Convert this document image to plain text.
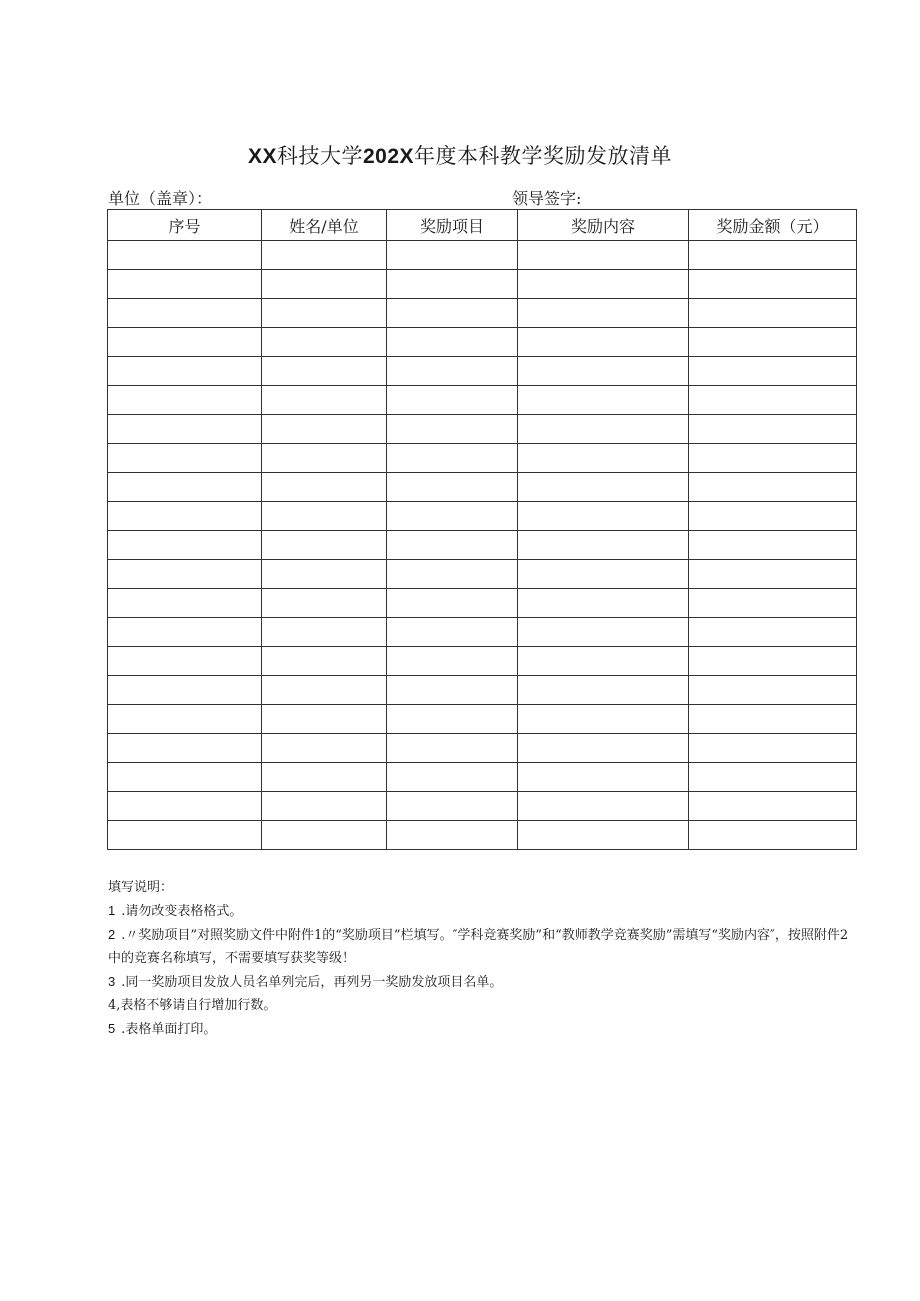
XX科技大学202X年度本科教学奖励发放清单
单位（盖章）：	领导签字:
序号	姓名/单位	奖励项目	奖励内容	奖励金额（元）

填写说明：

1 .请勿改变表格格式。

2 .〃奖励项目”对照奖励文件中附件1的“奖励项目”栏填写。″学科竞赛奖励”和“教师教学竞赛奖励”需填写“奖励内容″，按照附件2中的竞赛名称填写，不需要填写获奖等级！

3 .同一奖励项目发放人员名单列完后，再列另一奖励发放项目名单。

4,表格不够请自行增加行数。

5 .表格单面打印。
